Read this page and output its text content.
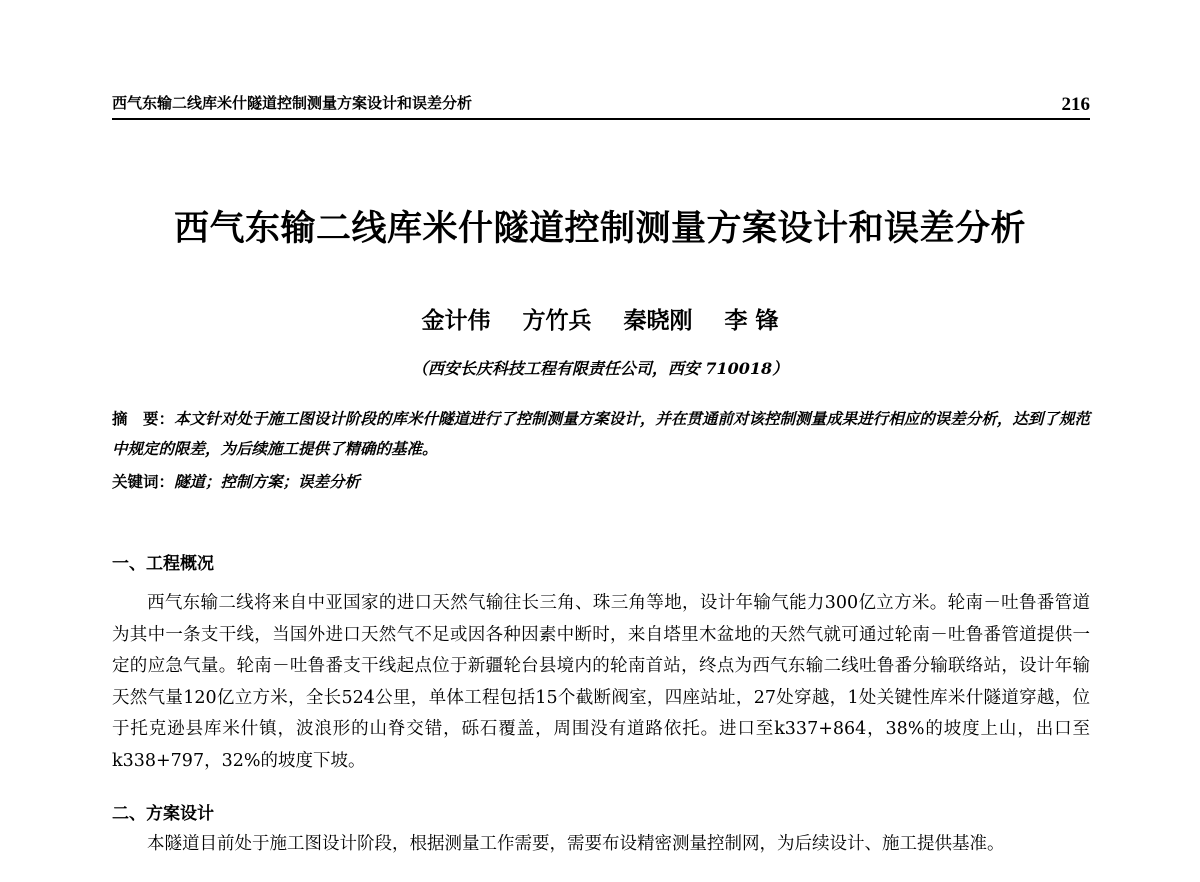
西气东输二线库米什隧道控制测量方案设计和误差分析	216
西气东输二线库米什隧道控制测量方案设计和误差分析
金计伟 方竹兵 秦晓刚 李 锋
（西安长庆科技工程有限责任公司，西安 710018）
摘　要：本文针对处于施工图设计阶段的库米什隧道进行了控制测量方案设计，并在贯通前对该控制测量成果进行相应的误差分析，达到了规范中规定的限差，为后续施工提供了精确的基准。
关键词：隧道；控制方案；误差分析
一、工程概况
西气东输二线将来自中亚国家的进口天然气输往长三角、珠三角等地，设计年输气能力300亿立方米。轮南－吐鲁番管道为其中一条支干线，当国外进口天然气不足或因各种因素中断时，来自塔里木盆地的天然气就可通过轮南－吐鲁番管道提供一定的应急气量。轮南－吐鲁番支干线起点位于新疆轮台县境内的轮南首站，终点为西气东输二线吐鲁番分输联络站，设计年输天然气量120亿立方米，全长524公里，单体工程包括15个截断阀室，四座站址，27处穿越，1处关键性库米什隧道穿越，位于托克逊县库米什镇，波浪形的山脊交错，砾石覆盖，周围没有道路依托。进口至k337+864，38%的坡度上山，出口至k338+797，32%的坡度下坡。
二、方案设计
本隧道目前处于施工图设计阶段，根据测量工作需要，需要布设精密测量控制网，为后续设计、施工提供基准。
